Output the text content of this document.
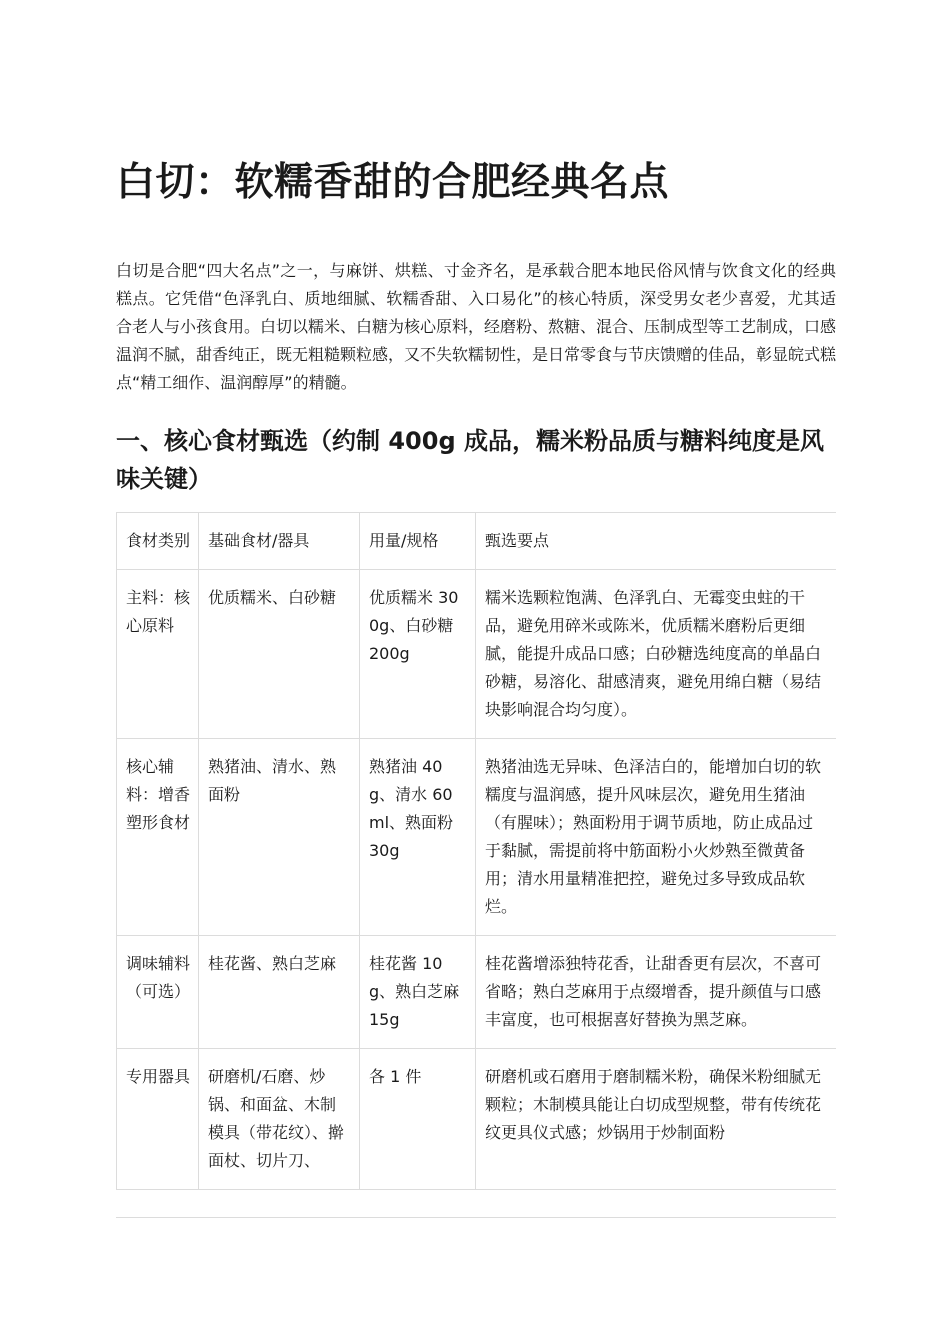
白切：软糯香甜的合肥经典名点

白切是合肥“四大名点”之一，与麻饼、烘糕、寸金齐名，是承载合肥本地民俗风情与饮食文化的经典糕点。它凭借“色泽乳白、质地细腻、软糯香甜、入口易化”的核心特质，深受男女老少喜爱，尤其适合老人与小孩食用。白切以糯米、白糖为核心原料，经磨粉、熬糖、混合、压制成型等工艺制成，口感温润不腻，甜香纯正，既无粗糙颗粒感，又不失软糯韧性，是日常零食与节庆馈赠的佳品，彰显皖式糕点“精工细作、温润醇厚”的精髓。

一、核心食材甄选（约制 400g 成品，糯米粉品质与糖料纯度是风味关键）
食材类别	基础食材/器具	用量/规格	甄选要点
主料：核心原料	优质糯米、白砂糖	优质糯米 300g、白砂糖 200g	糯米选颗粒饱满、色泽乳白、无霉变虫蛀的干品，避免用碎米或陈米，优质糯米磨粉后更细腻，能提升成品口感；白砂糖选纯度高的单晶白砂糖，易溶化、甜感清爽，避免用绵白糖（易结块影响混合均匀度）。
核心辅料：增香塑形食材	熟猪油、清水、熟面粉	熟猪油 40g、清水 60ml、熟面粉 30g	熟猪油选无异味、色泽洁白的，能增加白切的软糯度与温润感，提升风味层次，避免用生猪油（有腥味）；熟面粉用于调节质地，防止成品过于黏腻，需提前将中筋面粉小火炒熟至微黄备用；清水用量精准把控，避免过多导致成品软烂。
调味辅料（可选）	桂花酱、熟白芝麻	桂花酱 10g、熟白芝麻 15g	桂花酱增添独特花香，让甜香更有层次，不喜可省略；熟白芝麻用于点缀增香，提升颜值与口感丰富度，也可根据喜好替换为黑芝麻。
专用器具	研磨机/石磨、炒锅、和面盆、木制模具（带花纹）、擀面杖、切片刀、	各 1 件	研磨机或石磨用于磨制糯米粉，确保米粉细腻无颗粒；木制模具能让白切成型规整，带有传统花纹更具仪式感；炒锅用于炒制面粉
